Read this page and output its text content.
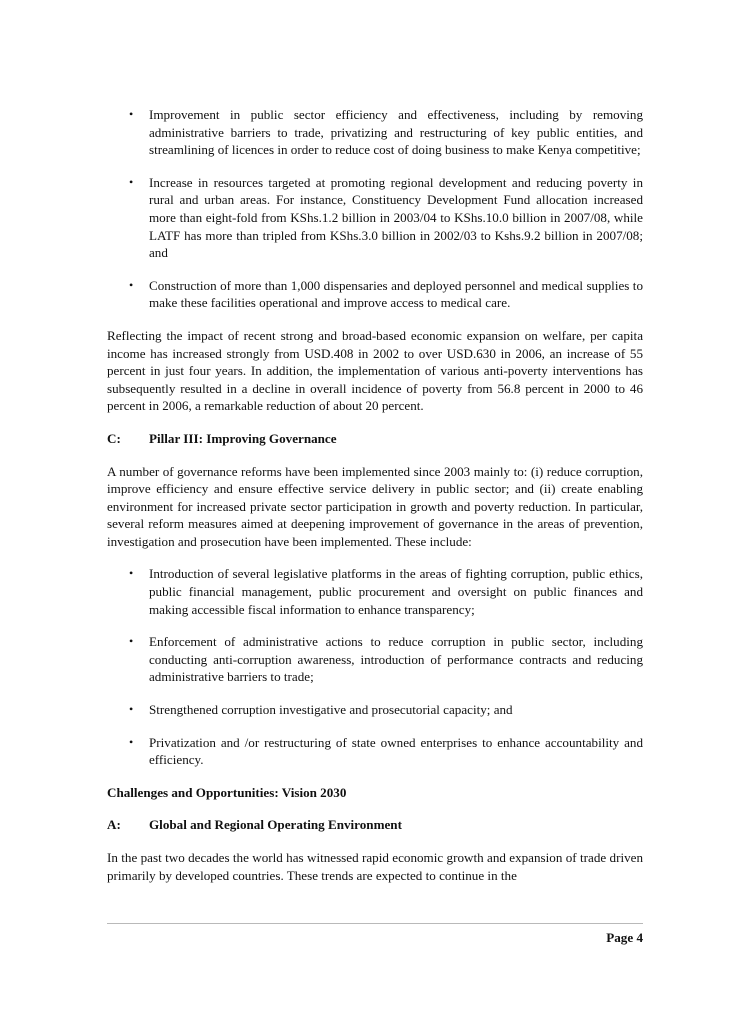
• Improvement in public sector efficiency and effectiveness, including by removing administrative barriers to trade, privatizing and restructuring of key public entities, and streamlining of licences in order to reduce cost of doing business to make Kenya competitive;
• Increase in resources targeted at promoting regional development and reducing poverty in rural and urban areas. For instance, Constituency Development Fund allocation increased more than eight-fold from KShs.1.2 billion in 2003/04 to KShs.10.0 billion in 2007/08, while LATF has more than tripled from KShs.3.0 billion in 2002/03 to Kshs.9.2 billion in 2007/08; and
• Construction of more than 1,000 dispensaries and deployed personnel and medical supplies to make these facilities operational and improve access to medical care.

Reflecting the impact of recent strong and broad-based economic expansion on welfare, per capita income has increased strongly from USD.408 in 2002 to over USD.630 in 2006, an increase of 55 percent in just four years. In addition, the implementation of various anti-poverty interventions has subsequently resulted in a decline in overall incidence of poverty from 56.8 percent in 2000 to 46 percent in 2006, a remarkable reduction of about 20 percent.

C:	Pillar III: Improving Governance

A number of governance reforms have been implemented since 2003 mainly to: (i) reduce corruption, improve efficiency and ensure effective service delivery in public sector; and (ii) create enabling environment for increased private sector participation in growth and poverty reduction. In particular, several reform measures aimed at deepening improvement of governance in the areas of prevention, investigation and prosecution have been implemented. These include:

• Introduction of several legislative platforms in the areas of fighting corruption, public ethics, public financial management, public procurement and oversight on public finances and making accessible fiscal information to enhance transparency;
• Enforcement of administrative actions to reduce corruption in public sector, including conducting anti-corruption awareness, introduction of performance contracts and reducing administrative barriers to trade;
• Strengthened corruption investigative and prosecutorial capacity; and
• Privatization and /or restructuring of state owned enterprises to enhance accountability and efficiency.
Challenges and Opportunities: Vision 2030
A:	Global and Regional Operating Environment

In the past two decades the world has witnessed rapid economic growth and expansion of trade driven primarily by developed countries. These trends are expected to continue in the

Page 4
